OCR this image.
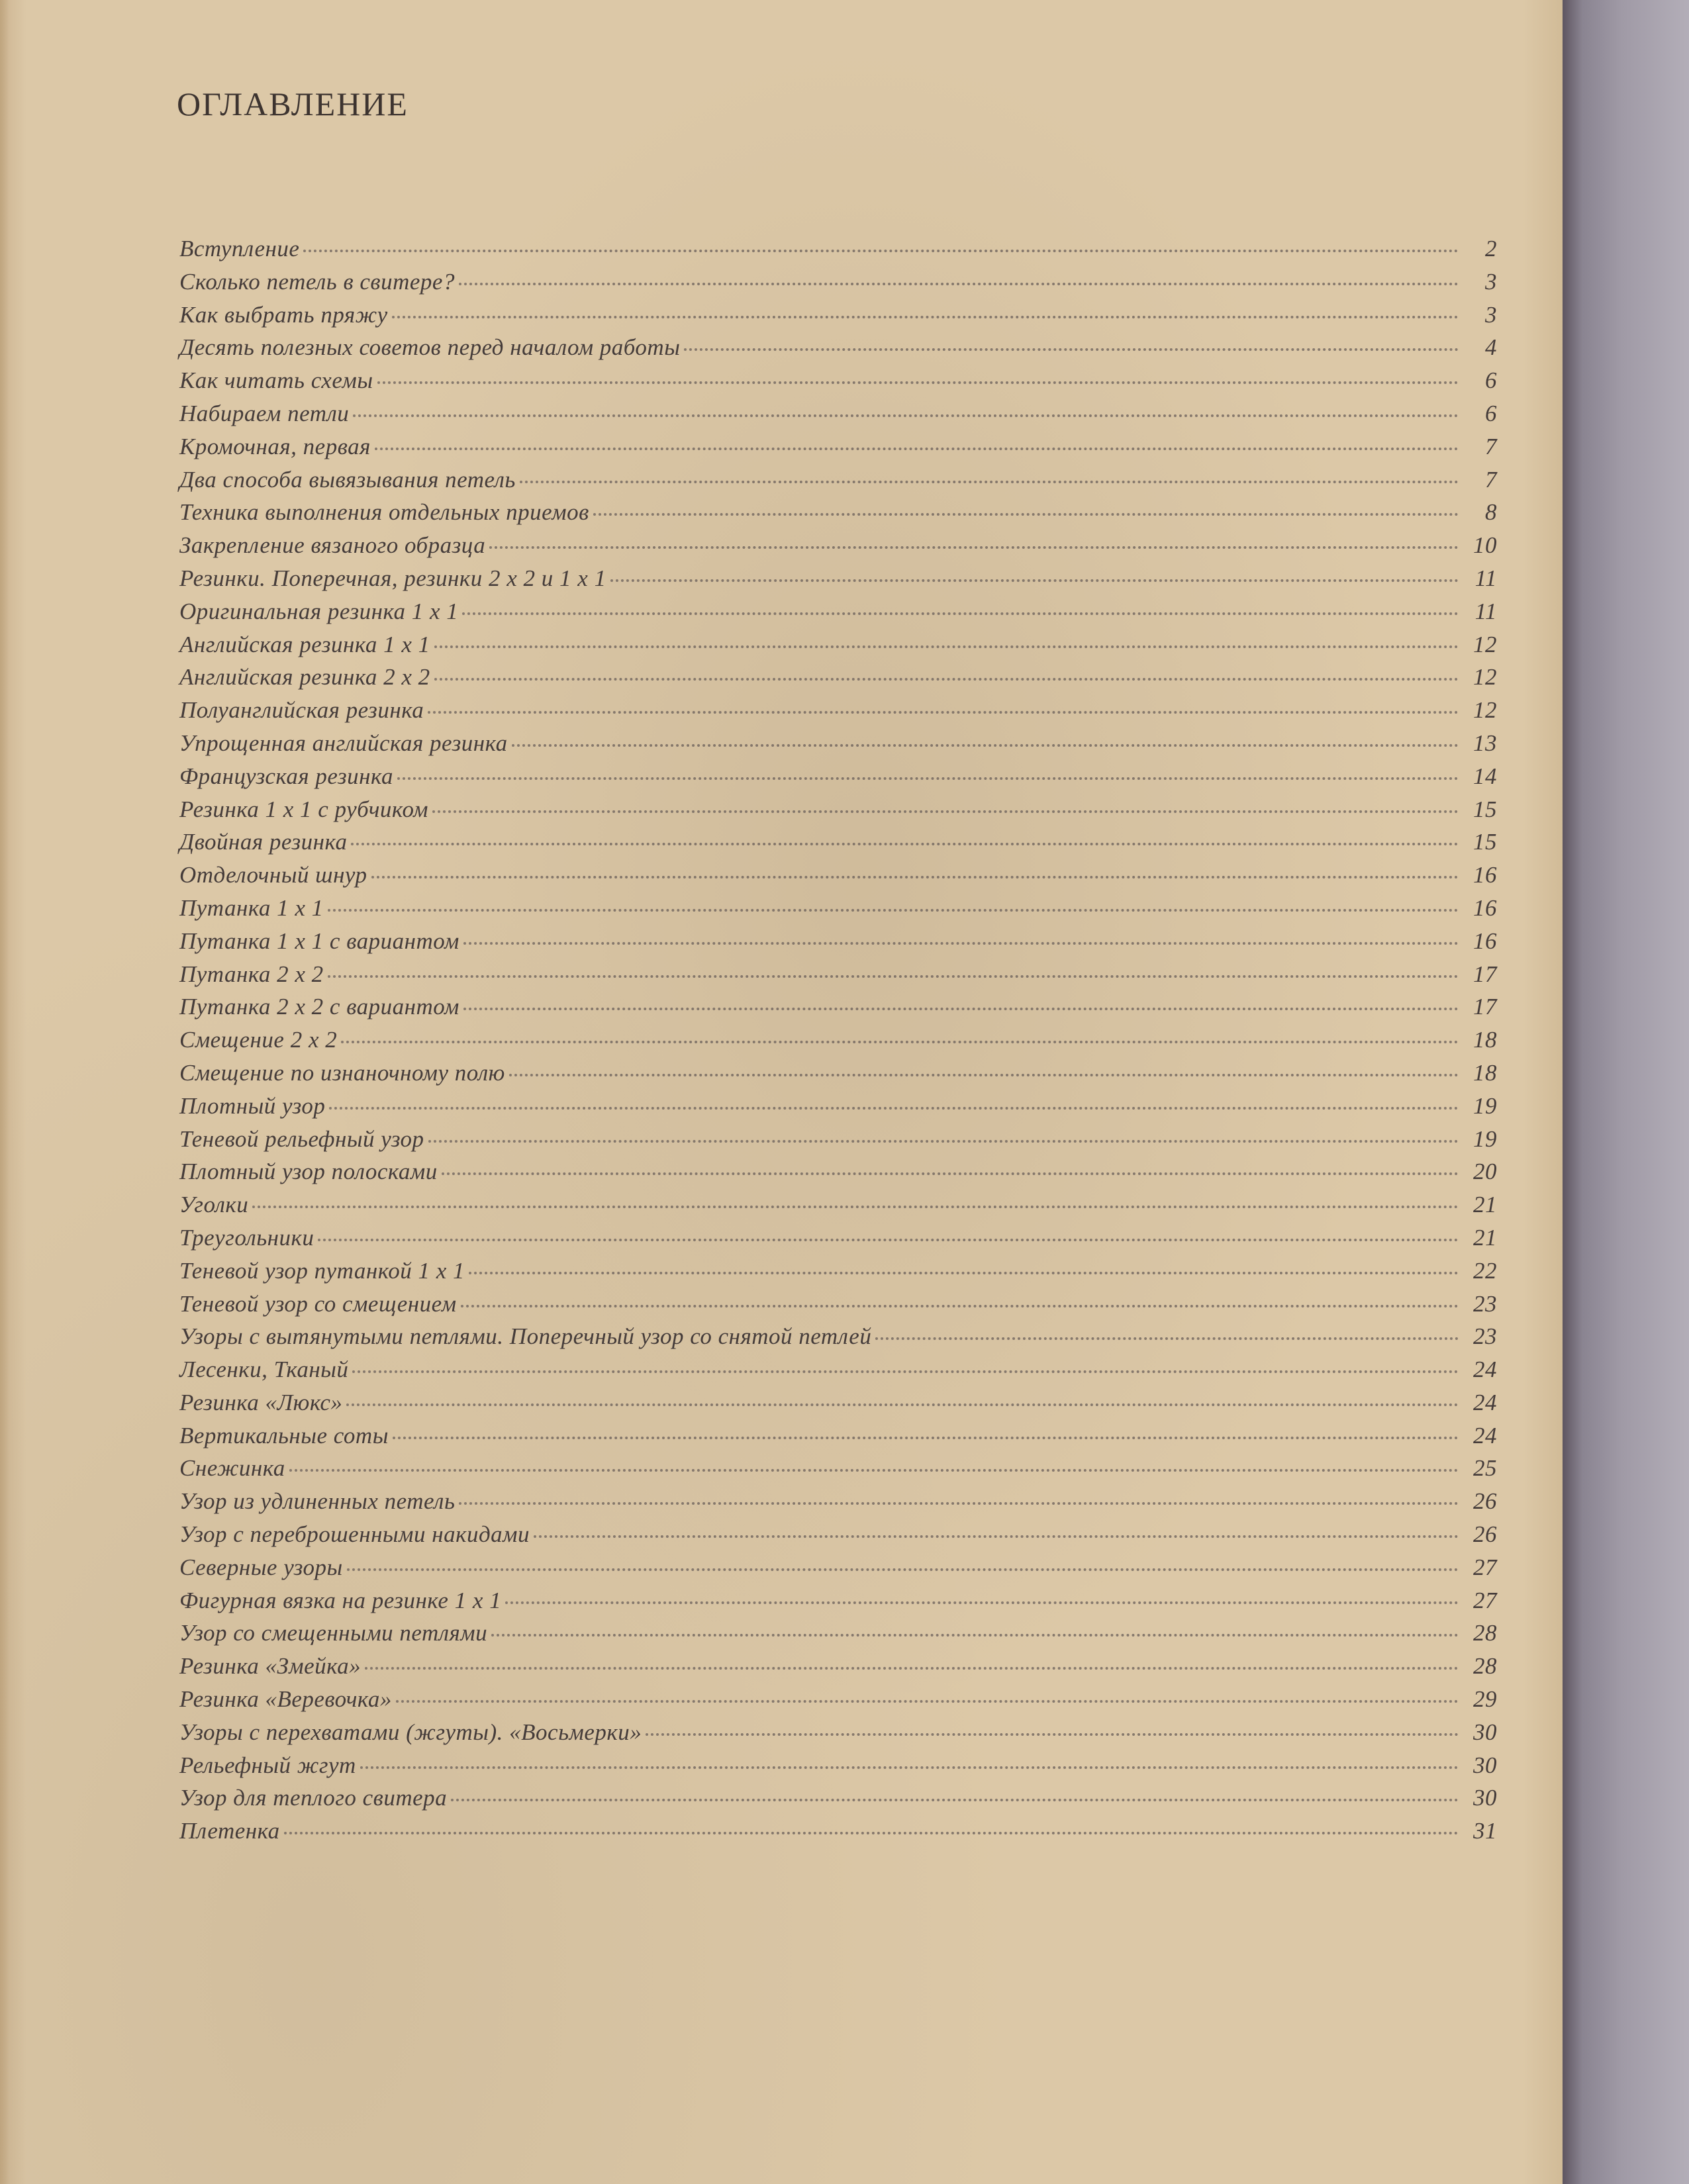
ОГЛАВЛЕНИЕ
Вступление	2
Сколько петель в свитере?	3
Как выбрать пряжу	3
Десять полезных советов перед началом работы	4
Как читать схемы	6
Набираем петли	6
Кромочная, первая	7
Два способа вывязывания петель	7
Техника выполнения отдельных приемов	8
Закрепление вязаного образца	10
Резинки. Поперечная, резинки 2 х 2 и 1 х 1	11
Оригинальная резинка 1 х 1	11
Английская резинка 1 х 1	12
Английская резинка 2 х 2	12
Полуанглийская резинка	12
Упрощенная английская резинка	13
Французская резинка	14
Резинка 1 х 1 с рубчиком	15
Двойная резинка	15
Отделочный шнур	16
Путанка 1 х 1	16
Путанка 1 х 1 с вариантом	16
Путанка 2 х 2	17
Путанка 2 х 2 с вариантом	17
Смещение 2 х 2	18
Смещение по изнаночному полю	18
Плотный узор	19
Теневой рельефный узор	19
Плотный узор полосками	20
Уголки	21
Треугольники	21
Теневой узор путанкой 1 х 1	22
Теневой узор со смещением	23
Узоры с вытянутыми петлями. Поперечный узор со снятой петлей	23
Лесенки, Тканый	24
Резинка «Люкс»	24
Вертикальные соты	24
Снежинка	25
Узор из удлиненных петель	26
Узор с переброшенными накидами	26
Северные узоры	27
Фигурная вязка на резинке 1 х 1	27
Узор со смещенными петлями	28
Резинка «Змейка»	28
Резинка «Веревочка»	29
Узоры с перехватами (жгуты). «Восьмерки»	30
Рельефный жгут	30
Узор для теплого свитера	30
Плетенка	31
